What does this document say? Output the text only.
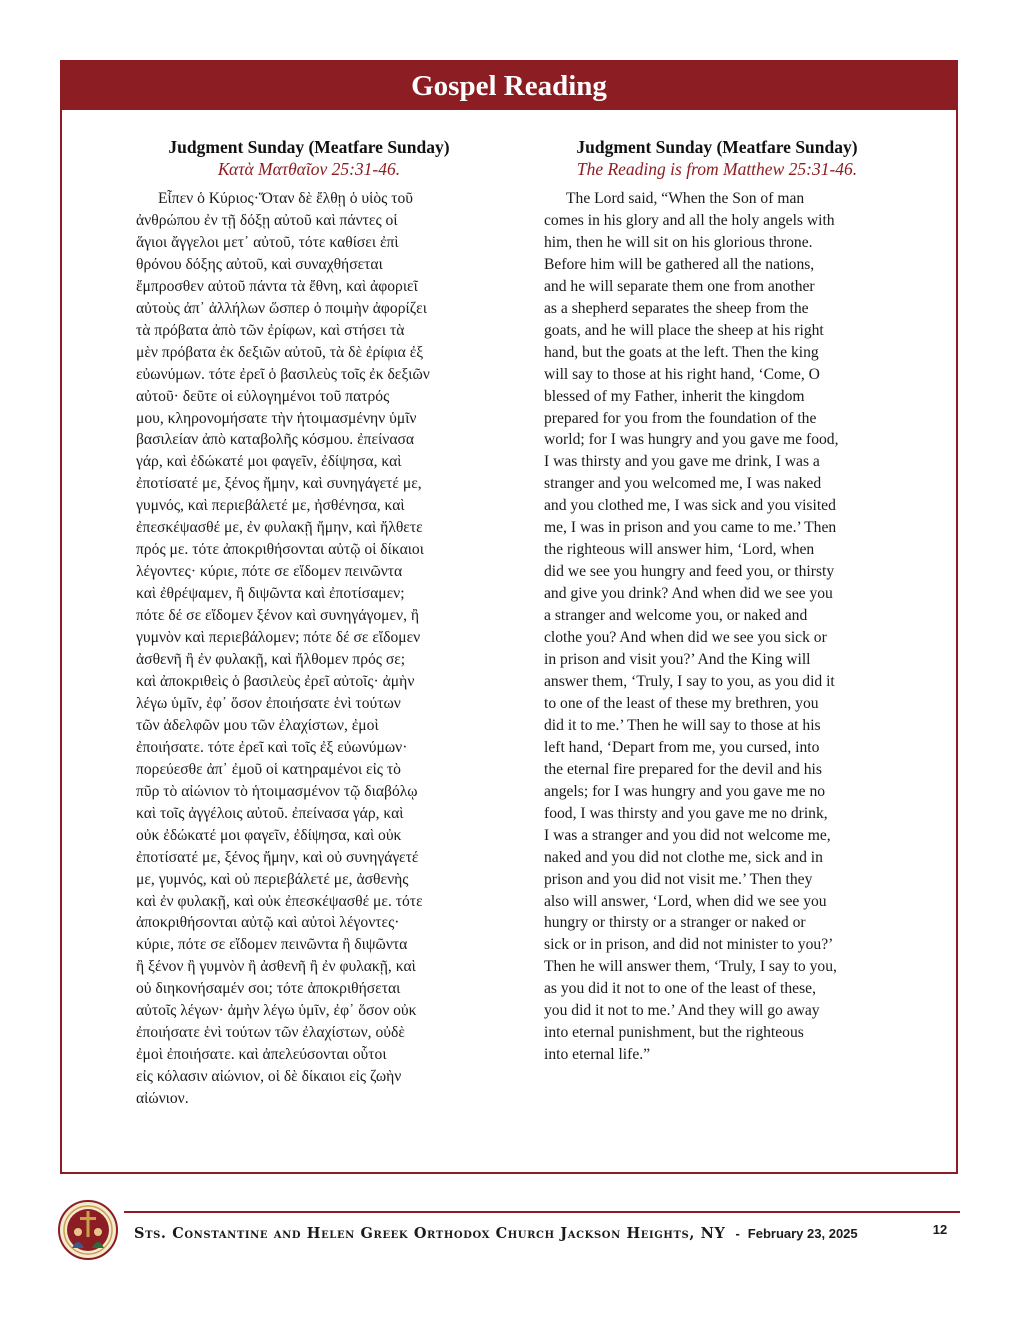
Gospel Reading
Judgment Sunday (Meatfare Sunday)
Κατὰ Ματθαῖον 25:31-46.
Εἶπεν ὁ Κύριος·Ὅταν δὲ ἔλθῃ ὁ υἱὸς τοῦ
ἀνθρώπου ἐν τῇ δόξῃ αὐτοῦ καὶ πάντες οἱ
ἅγιοι ἄγγελοι μετ᾽ αὐτοῦ, τότε καθίσει ἐπὶ
θρόνου δόξης αὐτοῦ, καὶ συναχθήσεται
ἔμπροσθεν αὐτοῦ πάντα τὰ ἔθνη, καὶ ἀφοριεῖ
αὐτοὺς ἀπ᾽ ἀλλήλων ὥσπερ ὁ ποιμὴν ἀφορίζει
τὰ πρόβατα ἀπὸ τῶν ἐρίφων, καὶ στήσει τὰ
μὲν πρόβατα ἐκ δεξιῶν αὐτοῦ, τὰ δὲ ἐρίφια ἐξ
εὐωνύμων. τότε ἐρεῖ ὁ βασιλεὺς τοῖς ἐκ δεξιῶν
αὐτοῦ· δεῦτε οἱ εὐλογημένοι τοῦ πατρός
μου, κληρονομήσατε τὴν ἡτοιμασμένην ὑμῖν
βασιλείαν ἀπὸ καταβολῆς κόσμου. ἐπείνασα
γάρ, καὶ ἐδώκατέ μοι φαγεῖν, ἐδίψησα, καὶ
ἐποτίσατέ με, ξένος ἤμην, καὶ συνηγάγετέ με,
γυμνός, καὶ περιεβάλετέ με, ἠσθένησα, καὶ
ἐπεσκέψασθέ με, ἐν φυλακῇ ἤμην, καὶ ἤλθετε
πρός με. τότε ἀποκριθήσονται αὐτῷ οἱ δίκαιοι
λέγοντες· κύριε, πότε σε εἴδομεν πεινῶντα
καὶ ἐθρέψαμεν, ἢ διψῶντα καὶ ἐποτίσαμεν;
πότε δέ σε εἴδομεν ξένον καὶ συνηγάγομεν, ἢ
γυμνὸν καὶ περιεβάλομεν; πότε δέ σε εἴδομεν
ἀσθενῆ ἢ ἐν φυλακῇ, καὶ ἤλθομεν πρός σε;
καὶ ἀποκριθεὶς ὁ βασιλεὺς ἐρεῖ αὐτοῖς· ἀμὴν
λέγω ὑμῖν, ἐφ᾽ ὅσον ἐποιήσατε ἑνὶ τούτων
τῶν ἀδελφῶν μου τῶν ἐλαχίστων, ἐμοὶ
ἐποιήσατε. τότε ἐρεῖ καὶ τοῖς ἐξ εὐωνύμων·
πορεύεσθε ἀπ᾽ ἐμοῦ οἱ κατηραμένοι εἰς τὸ
πῦρ τὸ αἰώνιον τὸ ἡτοιμασμένον τῷ διαβόλῳ
καὶ τοῖς ἀγγέλοις αὐτοῦ. ἐπείνασα γάρ, καὶ
οὐκ ἐδώκατέ μοι φαγεῖν, ἐδίψησα, καὶ οὐκ
ἐποτίσατέ με, ξένος ἤμην, καὶ οὐ συνηγάγετέ
με, γυμνός, καὶ οὐ περιεβάλετέ με, ἀσθενὴς
καὶ ἐν φυλακῇ, καὶ οὐκ ἐπεσκέψασθέ με. τότε
ἀποκριθήσονται αὐτῷ καὶ αὐτοὶ λέγοντες·
κύριε, πότε σε εἴδομεν πεινῶντα ἢ διψῶντα
ἢ ξένον ἢ γυμνὸν ἢ ἀσθενῆ ἢ ἐν φυλακῇ, καὶ
οὐ διηκονήσαμέν σοι; τότε ἀποκριθήσεται
αὐτοῖς λέγων· ἀμὴν λέγω ὑμῖν, ἐφ᾽ ὅσον οὐκ
ἐποιήσατε ἑνὶ τούτων τῶν ἐλαχίστων, οὐδὲ
ἐμοὶ ἐποιήσατε. καὶ ἀπελεύσονται οὗτοι
εἰς κόλασιν αἰώνιον, οἱ δὲ δίκαιοι εἰς ζωὴν
αἰώνιον.
Judgment Sunday (Meatfare Sunday)
The Reading is from Matthew 25:31-46.
The Lord said, “When the Son of man
comes in his glory and all the holy angels with
him, then he will sit on his glorious throne.
Before him will be gathered all the nations,
and he will separate them one from another
as a shepherd separates the sheep from the
goats, and he will place the sheep at his right
hand, but the goats at the left. Then the king
will say to those at his right hand, ‘Come, O
blessed of my Father, inherit the kingdom
prepared for you from the foundation of the
world; for I was hungry and you gave me food,
I was thirsty and you gave me drink, I was a
stranger and you welcomed me, I was naked
and you clothed me, I was sick and you visited
me, I was in prison and you came to me.’ Then
the righteous will answer him, ‘Lord, when
did we see you hungry and feed you, or thirsty
and give you drink? And when did we see you
a stranger and welcome you, or naked and
clothe you? And when did we see you sick or
in prison and visit you?’ And the King will
answer them, ‘Truly, I say to you, as you did it
to one of the least of these my brethren, you
did it to me.’ Then he will say to those at his
left hand, ‘Depart from me, you cursed, into
the eternal fire prepared for the devil and his
angels; for I was hungry and you gave me no
food, I was thirsty and you gave me no drink,
I was a stranger and you did not welcome me,
naked and you did not clothe me, sick and in
prison and you did not visit me.’ Then they
also will answer, ‘Lord, when did we see you
hungry or thirsty or a stranger or naked or
sick or in prison, and did not minister to you?’
Then he will answer them, ‘Truly, I say to you,
as you did it not to one of the least of these,
you did it not to me.’ And they will go away
into eternal punishment, but the righteous
into eternal life.”
Sts. Constantine and Helen Greek Orthodox Church Jackson Heights, NY - February 23, 2025	12
